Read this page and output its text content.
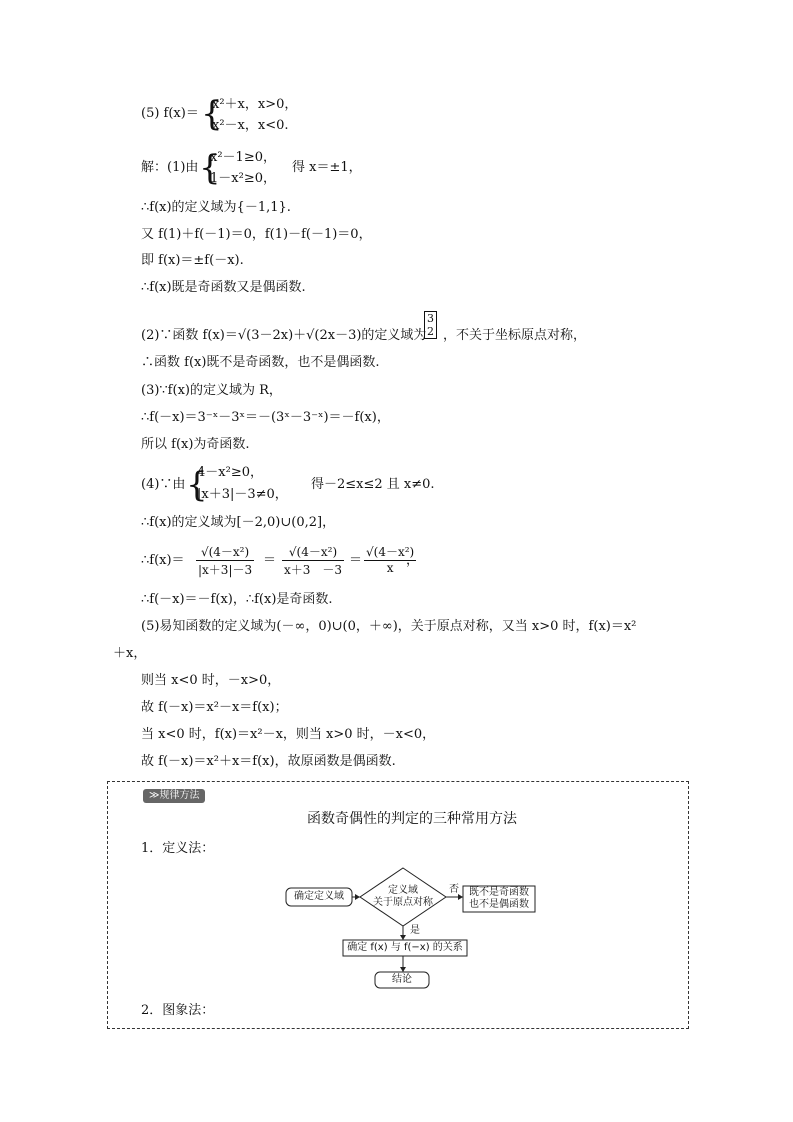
(5) f(x)＝ {
x²＋x，x>0，
x²－x，x<0.
解：(1)由 {
x²－1≥0，
1－x²≥0，
得 x＝±1，
∴f(x)的定义域为{－1,1}.
又 f(1)＋f(－1)＝0，f(1)－f(－1)＝0，
即 f(x)＝±f(－x).
∴f(x)既是奇函数又是偶函数.
(2)∵函数 f(x)＝√(3－2x)＋√(2x－3)的定义域为
3
2 ，不关于坐标原点对称，
∴函数 f(x)既不是奇函数，也不是偶函数.
(3)∵f(x)的定义域为 R，
∴f(－x)＝3⁻ˣ－3ˣ＝－(3ˣ－3⁻ˣ)＝－f(x)，
所以 f(x)为奇函数.
(4)∵由 {
4－x²≥0，
|x＋3|－3≠0，
得－2≤x≤2 且 x≠0.
∴f(x)的定义域为[－2,0)∪(0,2]，
∴f(x)＝ $\frac{\text{√(4－x²)}}{|x+3|-3} = \frac{\text{√(4－x²)}}{x+3 -3} = \frac{\text{√(4－x²)}}{x}$
，
∴f(－x)＝－f(x)，∴f(x)是奇函数.
(5)易知函数的定义域为(－∞，0)∪(0，＋∞)，关于原点对称，又当 x>0 时，f(x)＝x²
＋x，
则当 x<0 时，－x>0，
故 f(－x)＝x²－x＝f(x)；
当 x<0 时，f(x)＝x²－x，则当 x>0 时，－x<0，
故 f(－x)＝x²＋x＝f(x)，故原函数是偶函数.
≫规律方法
函数奇偶性的判定的三种常用方法
1．定义法：
2．图象法：
确定定义域
定义域
关于原点对称
否	既不是奇函数
也不是偶函数
是
确定 f(x) 与 f(−x) 的关系
结论
